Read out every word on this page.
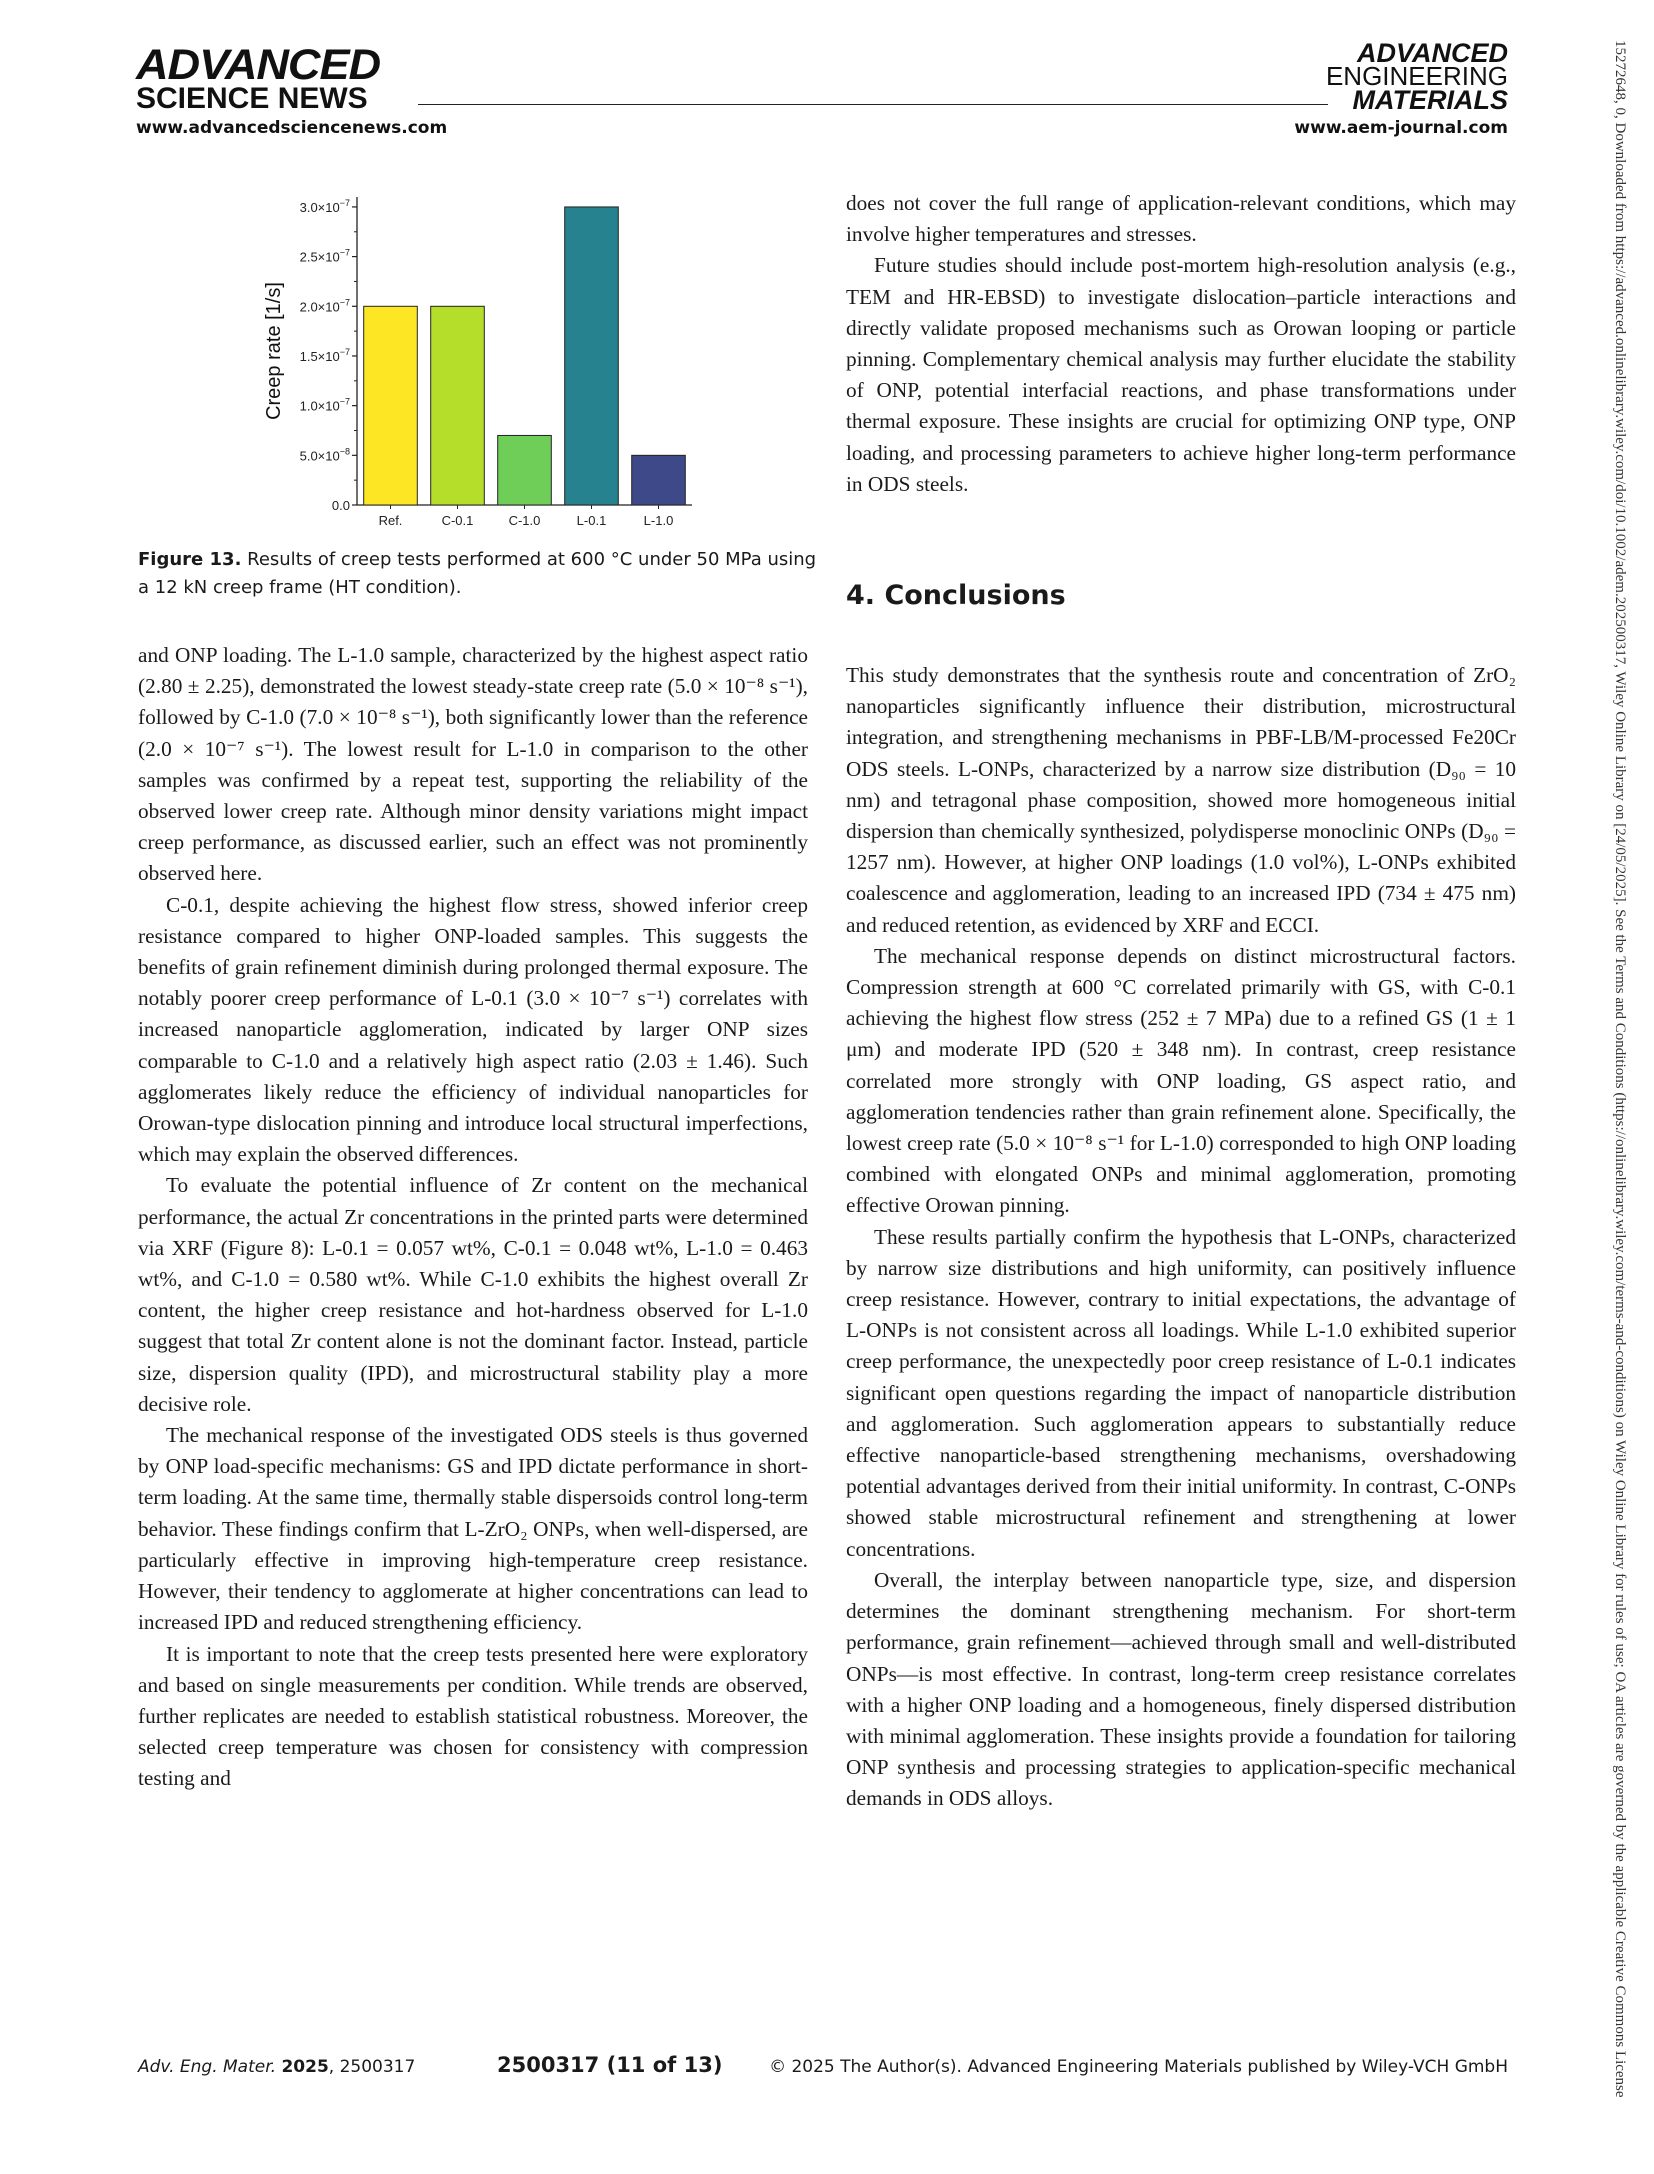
ADVANCED
SCIENCE NEWS
www.advancedsciencenews.com
ADVANCED
ENGINEERING
MATERIALS
www.aem-journal.com
Creep rate [1/s]
0.0
$5.0\times 10^{-8}$
$1.0\times 10^{-7}$
$1.5\times 10^{-7}$
$2.0\times 10^{-7}$
$2.5\times 10^{-7}$
$3.0\times 10^{-7}$
Ref.	C-0.1	C-1.0	L-0.1	L-1.0
Figure 13. Results of creep tests performed at 600 °C under 50 MPa using a 12 kN creep frame (HT condition).

and ONP loading. The L-1.0 sample, characterized by the highest aspect ratio (2.80 ± 2.25), demonstrated the lowest steady-state creep rate (5.0 × 10⁻⁸ s⁻¹), followed by C-1.0 (7.0 × 10⁻⁸ s⁻¹), both significantly lower than the reference (2.0 × 10⁻⁷ s⁻¹). The lowest result for L-1.0 in comparison to the other samples was confirmed by a repeat test, supporting the reliability of the observed lower creep rate. Although minor density variations might impact creep performance, as discussed earlier, such an effect was not prominently observed here.

C-0.1, despite achieving the highest flow stress, showed inferior creep resistance compared to higher ONP-loaded samples. This suggests the benefits of grain refinement diminish during prolonged thermal exposure. The notably poorer creep performance of L-0.1 (3.0 × 10⁻⁷ s⁻¹) correlates with increased nanoparticle agglomeration, indicated by larger ONP sizes comparable to C-1.0 and a relatively high aspect ratio (2.03 ± 1.46). Such agglomerates likely reduce the efficiency of individual nanoparticles for Orowan-type dislocation pinning and introduce local structural imperfections, which may explain the observed differences.

To evaluate the potential influence of Zr content on the mechanical performance, the actual Zr concentrations in the printed parts were determined via XRF (Figure 8): L-0.1 = 0.057 wt%, C-0.1 = 0.048 wt%, L-1.0 = 0.463 wt%, and C-1.0 = 0.580 wt%. While C-1.0 exhibits the highest overall Zr content, the higher creep resistance and hot-hardness observed for L-1.0 suggest that total Zr content alone is not the dominant factor. Instead, particle size, dispersion quality (IPD), and microstructural stability play a more decisive role.

The mechanical response of the investigated ODS steels is thus governed by ONP load-specific mechanisms: GS and IPD dictate performance in short-term loading. At the same time, thermally stable dispersoids control long-term behavior. These findings confirm that L-ZrO₂ ONPs, when well-dispersed, are particularly effective in improving high-temperature creep resistance. However, their tendency to agglomerate at higher concentrations can lead to increased IPD and reduced strengthening efficiency.

It is important to note that the creep tests presented here were exploratory and based on single measurements per condition. While trends are observed, further replicates are needed to establish statistical robustness. Moreover, the selected creep temperature was chosen for consistency with compression testing and

does not cover the full range of application-relevant conditions, which may involve higher temperatures and stresses.

Future studies should include post-mortem high-resolution analysis (e.g., TEM and HR-EBSD) to investigate dislocation–particle interactions and directly validate proposed mechanisms such as Orowan looping or particle pinning. Complementary chemical analysis may further elucidate the stability of ONP, potential interfacial reactions, and phase transformations under thermal exposure. These insights are crucial for optimizing ONP type, ONP loading, and processing parameters to achieve higher long-term performance in ODS steels.

4. Conclusions

This study demonstrates that the synthesis route and concentration of ZrO₂ nanoparticles significantly influence their distribution, microstructural integration, and strengthening mechanisms in PBF-LB/M-processed Fe20Cr ODS steels. L-ONPs, characterized by a narrow size distribution (D₉₀ = 10 nm) and tetragonal phase composition, showed more homogeneous initial dispersion than chemically synthesized, polydisperse monoclinic ONPs (D₉₀ = 1257 nm). However, at higher ONP loadings (1.0 vol%), L-ONPs exhibited coalescence and agglomeration, leading to an increased IPD (734 ± 475 nm) and reduced retention, as evidenced by XRF and ECCI.

The mechanical response depends on distinct microstructural factors. Compression strength at 600 °C correlated primarily with GS, with C-0.1 achieving the highest flow stress (252 ± 7 MPa) due to a refined GS (1 ± 1 μm) and moderate IPD (520 ± 348 nm). In contrast, creep resistance correlated more strongly with ONP loading, GS aspect ratio, and agglomeration tendencies rather than grain refinement alone. Specifically, the lowest creep rate (5.0 × 10⁻⁸ s⁻¹ for L-1.0) corresponded to high ONP loading combined with elongated ONPs and minimal agglomeration, promoting effective Orowan pinning.

These results partially confirm the hypothesis that L-ONPs, characterized by narrow size distributions and high uniformity, can positively influence creep resistance. However, contrary to initial expectations, the advantage of L-ONPs is not consistent across all loadings. While L-1.0 exhibited superior creep performance, the unexpectedly poor creep resistance of L-0.1 indicates significant open questions regarding the impact of nanoparticle distribution and agglomeration. Such agglomeration appears to substantially reduce effective nanoparticle-based strengthening mechanisms, overshadowing potential advantages derived from their initial uniformity. In contrast, C-ONPs showed stable microstructural refinement and strengthening at lower concentrations.

Overall, the interplay between nanoparticle type, size, and dispersion determines the dominant strengthening mechanism. For short-term performance, grain refinement—achieved through small and well-distributed ONPs—is most effective. In contrast, long-term creep resistance correlates with a higher ONP loading and a homogeneous, finely dispersed distribution with minimal agglomeration. These insights provide a foundation for tailoring ONP synthesis and processing strategies to application-specific mechanical demands in ODS alloys.

Adv. Eng. Mater. 2025, 2500317	2500317 (11 of 13)	© 2025 The Author(s). Advanced Engineering Materials published by Wiley-VCH GmbH	15272648, 0, Downloaded from https://advanced.onlinelibrary.wiley.com/doi/10.1002/adem.202500317, Wiley Online Library on [24/05/2025]. See the Terms and Conditions (https://onlinelibrary.wiley.com/terms-and-conditions) on Wiley Online Library for rules of use; OA articles are governed by the applicable Creative Commons License
